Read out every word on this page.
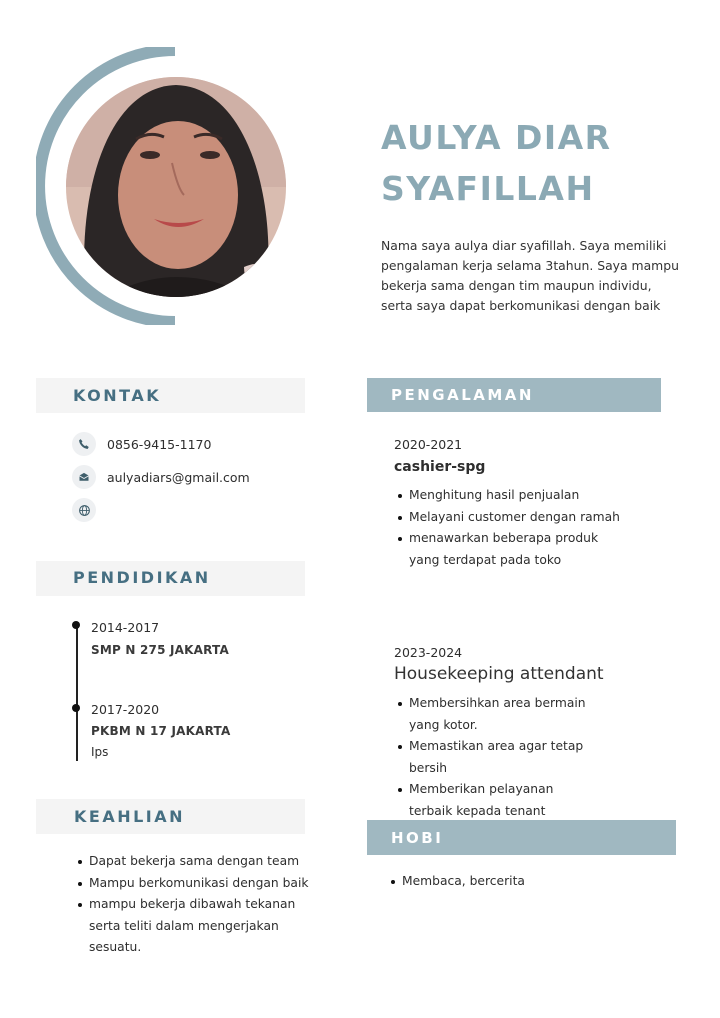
AULYA DIAR
SYAFILLAH
Nama saya aulya diar syafillah. Saya memiliki pengalaman kerja selama 3tahun. Saya mampu bekerja sama dengan tim maupun individu, serta saya dapat berkomunikasi dengan baik
KONTAK
0856-9415-1170
aulyadiars@gmail.com
PENDIDIKAN
2014-2017
SMP N 275 JAKARTA
2017-2020
PKBM N 17 JAKARTA
Ips
KEAHLIAN
Dapat bekerja sama dengan team
Mampu berkomunikasi dengan baik
mampu bekerja dibawah tekanan serta teliti dalam mengerjakan sesuatu.
PENGALAMAN
2020-2021
cashier-spg
Menghitung hasil penjualan
Melayani customer dengan ramah
menawarkan beberapa produk yang terdapat pada toko
2023-2024
Housekeeping attendant
Membersihkan area bermain yang kotor.
Memastikan area agar tetap bersih
Memberikan pelayanan terbaik kepada tenant
HOBI
Membaca, bercerita
